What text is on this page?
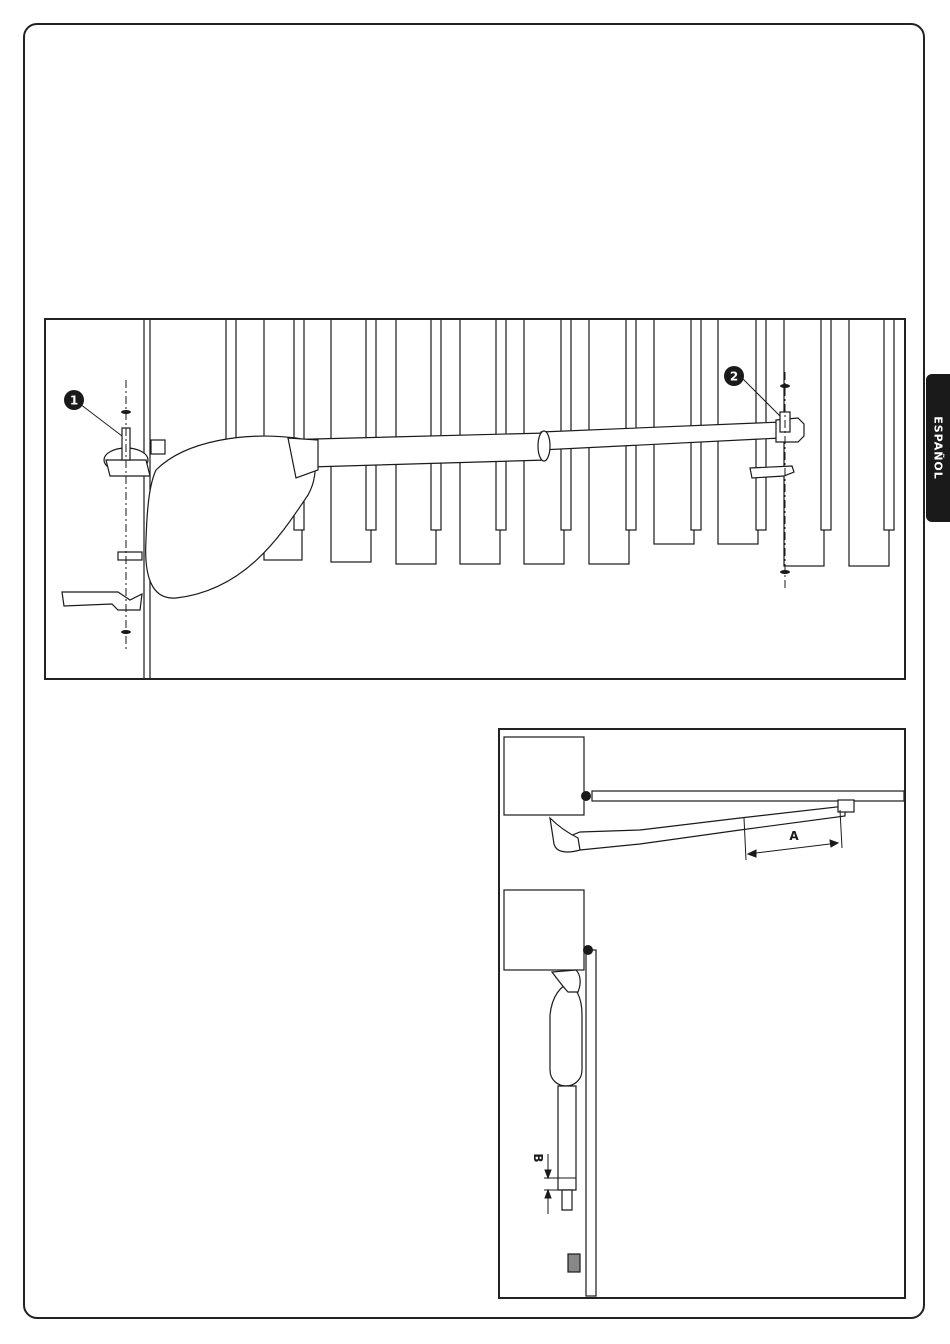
ESPAÑOL
1
2
A
B
